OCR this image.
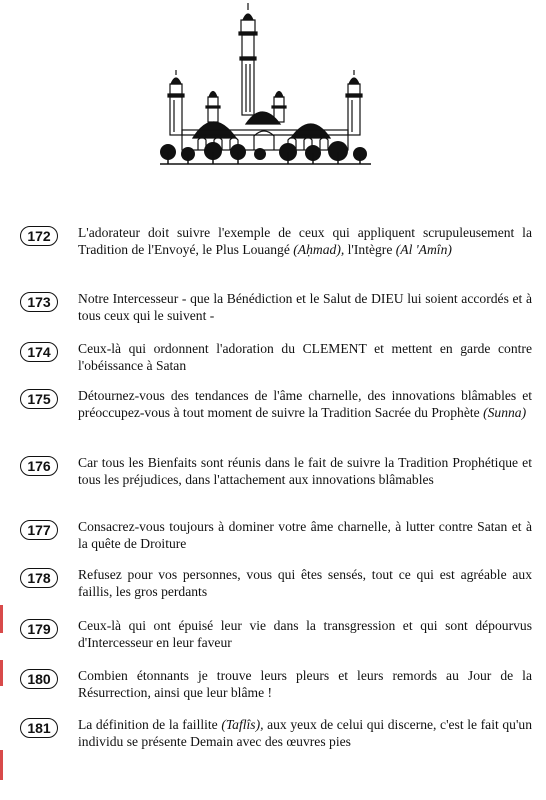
172	L'adorateur doit suivre l'exemple de ceux qui appliquent scrupuleusement la Tradition de l'Envoyé, le Plus Louangé (Aḥmad), l'Intègre (Al 'Amîn)
173	Notre Intercesseur - que la Bénédiction et le Salut de DIEU lui soient accordés et à tous ceux qui le suivent -
174	Ceux-là qui ordonnent l'adoration du CLEMENT et mettent en garde contre l'obéissance à Satan
175	Détournez-vous des tendances de l'âme charnelle, des innovations blâmables et préoccupez-vous à tout moment de suivre la Tradition Sacrée du Prophète (Sunna)
176	Car tous les Bienfaits sont réunis dans le fait de suivre la Tradition Prophétique et tous les préjudices, dans l'attachement aux innovations blâmables
177	Consacrez-vous toujours à dominer votre âme charnelle, à lutter contre Satan et à la quête de Droiture
178	Refusez pour vos personnes, vous qui êtes sensés, tout ce qui est agréable aux faillis, les gros perdants
179	Ceux-là qui ont épuisé leur vie dans la transgression et qui sont dépourvus d'Intercesseur en leur faveur
180	Combien étonnants je trouve leurs pleurs et leurs remords au Jour de la Résurrection, ainsi que leur blâme !
181	La définition de la faillite (Taflîs), aux yeux de celui qui discerne, c'est le fait qu'un individu se présente Demain avec des œuvres pies
